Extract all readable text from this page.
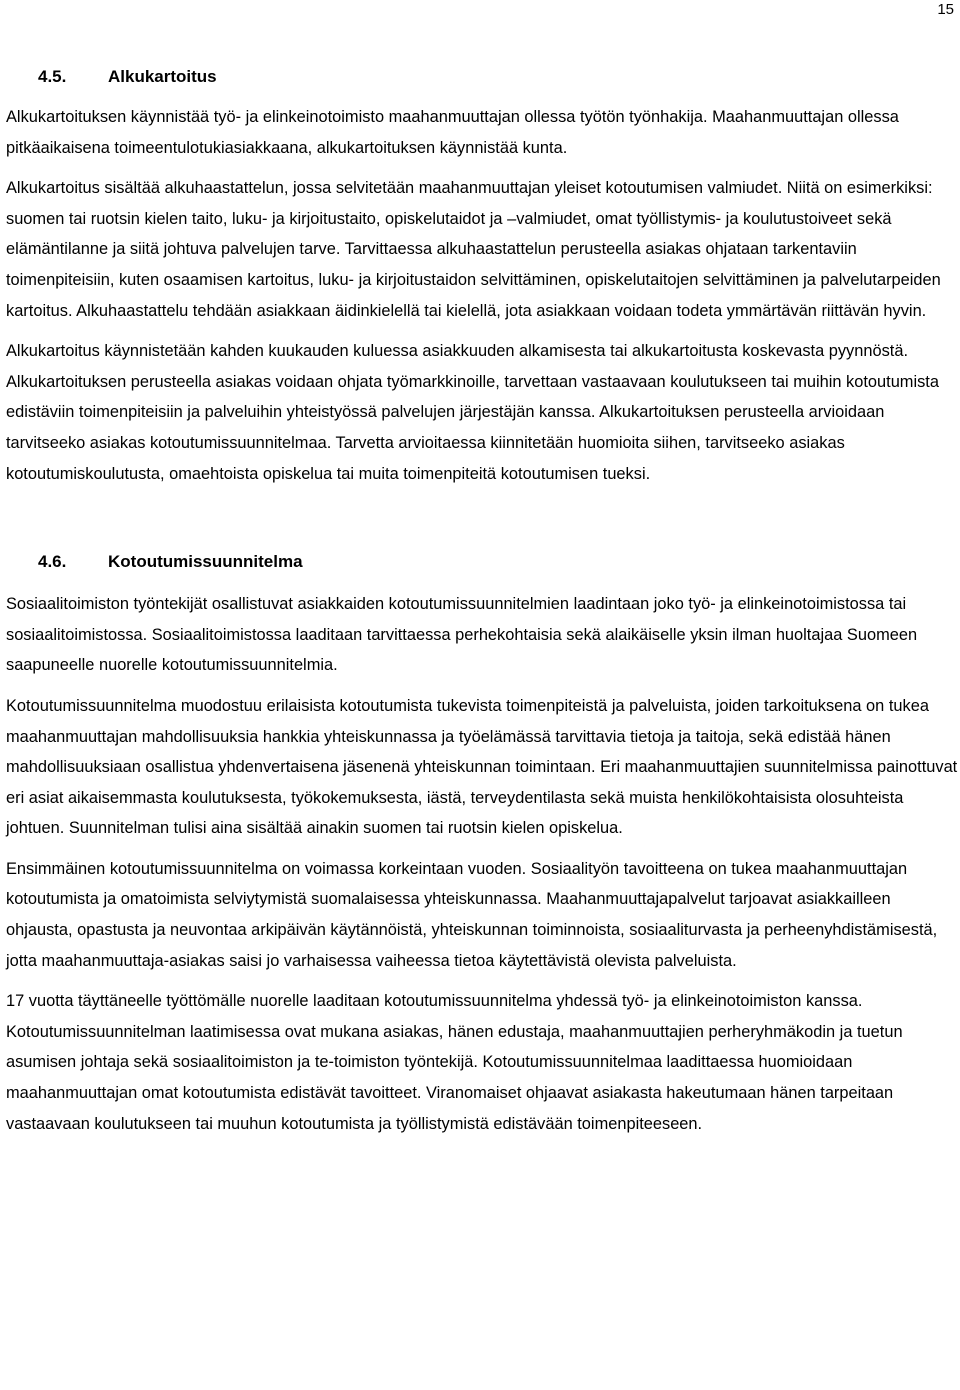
15
4.5. Alkukartoitus

Alkukartoituksen käynnistää työ- ja elinkeinotoimisto maahanmuuttajan ollessa työtön työnhakija. Maahanmuuttajan ollessa pitkäaikaisena toimeentulotukiasiakkaana, alkukartoituksen käynnistää kunta.

Alkukartoitus sisältää alkuhaastattelun, jossa selvitetään maahanmuuttajan yleiset kotoutumisen valmiudet. Niitä on esimerkiksi: suomen tai ruotsin kielen taito, luku- ja kirjoitustaito, opiskelutaidot ja –valmiudet, omat työllistymis- ja koulutustoiveet sekä elämäntilanne ja siitä johtuva palvelujen tarve. Tarvittaessa alkuhaastattelun perusteella asiakas ohjataan tarkentaviin toimenpiteisiin, kuten osaamisen kartoitus, luku- ja kirjoitustaidon selvittäminen, opiskelutaitojen selvittäminen ja palvelutarpeiden kartoitus. Alkuhaastattelu tehdään asiakkaan äidinkielellä tai kielellä, jota asiakkaan voidaan todeta ymmärtävän riittävän hyvin.

Alkukartoitus käynnistetään kahden kuukauden kuluessa asiakkuuden alkamisesta tai alkukartoitusta koskevasta pyynnöstä. Alkukartoituksen perusteella asiakas voidaan ohjata työmarkkinoille, tarvettaan vastaavaan koulutukseen tai muihin kotoutumista edistäviin toimenpiteisiin ja palveluihin yhteistyössä palvelujen järjestäjän kanssa. Alkukartoituksen perusteella arvioidaan tarvitseeko asiakas kotoutumissuunnitelmaa. Tarvetta arvioitaessa kiinnitetään huomioita siihen, tarvitseeko asiakas kotoutumiskoulutusta, omaehtoista opiskelua tai muita toimenpiteitä kotoutumisen tueksi.

4.6. Kotoutumissuunnitelma

Sosiaalitoimiston työntekijät osallistuvat asiakkaiden kotoutumissuunnitelmien laadintaan joko työ- ja elinkeinotoimistossa tai sosiaalitoimistossa. Sosiaalitoimistossa laaditaan tarvittaessa perhekohtaisia sekä alaikäiselle yksin ilman huoltajaa Suomeen saapuneelle nuorelle kotoutumissuunnitelmia.

Kotoutumissuunnitelma muodostuu erilaisista kotoutumista tukevista toimenpiteistä ja palveluista, joiden tarkoituksena on tukea maahanmuuttajan mahdollisuuksia hankkia yhteiskunnassa ja työelämässä tarvittavia tietoja ja taitoja, sekä edistää hänen mahdollisuuksiaan osallistua yhdenvertaisena jäsenenä yhteiskunnan toimintaan. Eri maahanmuuttajien suunnitelmissa painottuvat eri asiat aikaisemmasta koulutuksesta, työkokemuksesta, iästä, terveydentilasta sekä muista henkilökohtaisista olosuhteista johtuen. Suunnitelman tulisi aina sisältää ainakin suomen tai ruotsin kielen opiskelua.

Ensimmäinen kotoutumissuunnitelma on voimassa korkeintaan vuoden. Sosiaalityön tavoitteena on tukea maahanmuuttajan kotoutumista ja omatoimista selviytymistä suomalaisessa yhteiskunnassa. Maahanmuuttajapalvelut tarjoavat asiakkailleen ohjausta, opastusta ja neuvontaa arkipäivän käytännöistä, yhteiskunnan toiminnoista, sosiaaliturvasta ja perheenyhdistämisestä, jotta maahanmuuttaja-asiakas saisi jo varhaisessa vaiheessa tietoa käytettävistä olevista palveluista.

17 vuotta täyttäneelle työttömälle nuorelle laaditaan kotoutumissuunnitelma yhdessä työ- ja elinkeinotoimiston kanssa. Kotoutumissuunnitelman laatimisessa ovat mukana asiakas, hänen edustaja, maahanmuuttajien perheryhmäkodin ja tuetun asumisen johtaja sekä sosiaalitoimiston ja te-toimiston työntekijä. Kotoutumissuunnitelmaa laadittaessa huomioidaan maahanmuuttajan omat kotoutumista edistävät tavoitteet. Viranomaiset ohjaavat asiakasta hakeutumaan hänen tarpeitaan vastaavaan koulutukseen tai muuhun kotoutumista ja työllistymistä edistävään toimenpiteeseen.
